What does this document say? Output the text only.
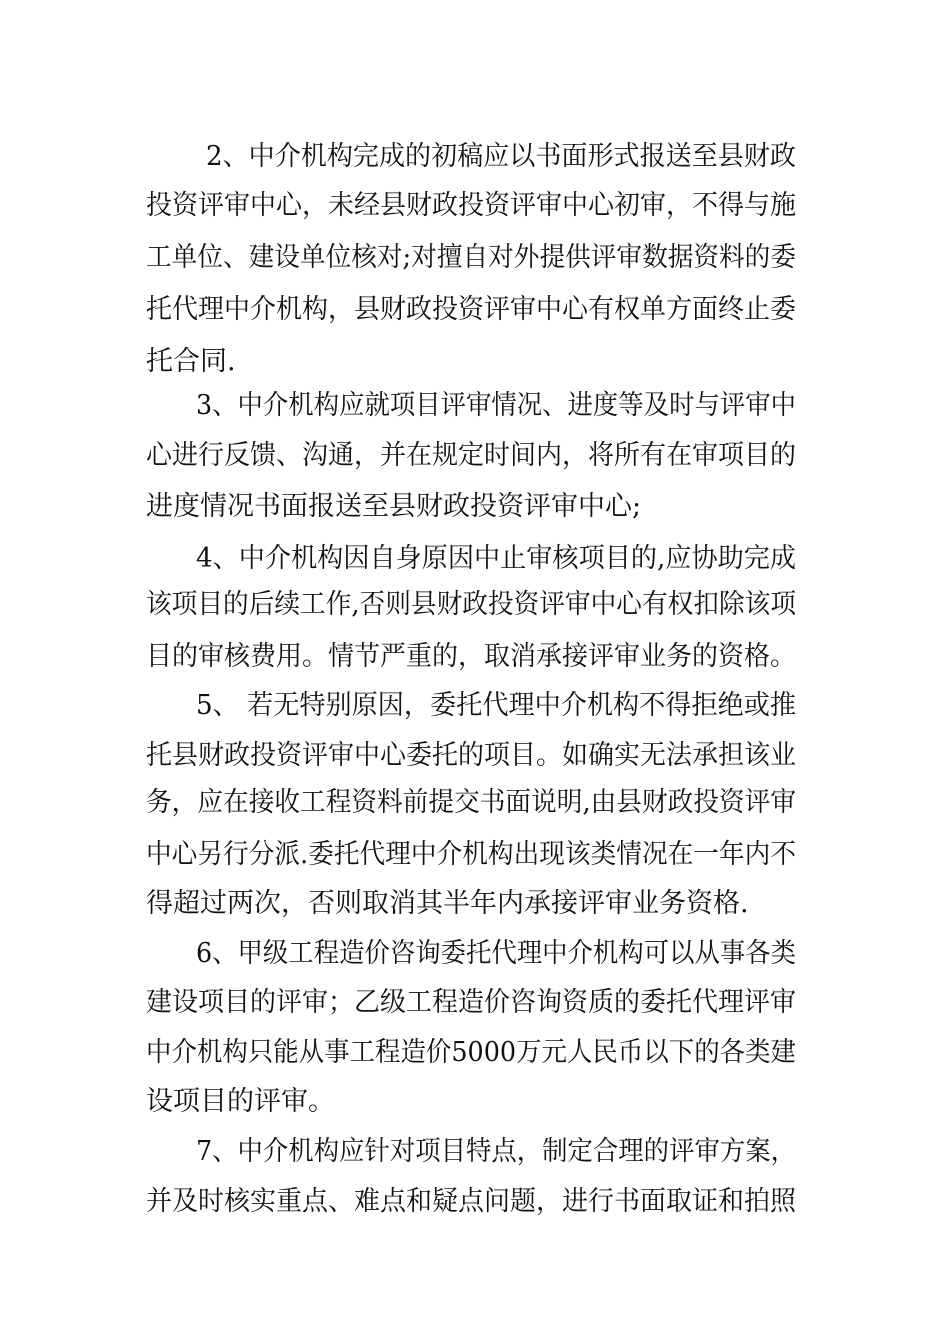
2、中介机构完成的初稿应以书面形式报送至县财政
投资评审中心，未经县财政投资评审中心初审，不得与施
工单位、建设单位核对;对擅自对外提供评审数据资料的委
托代理中介机构，县财政投资评审中心有权单方面终止委
托合同.
3、中介机构应就项目评审情况、进度等及时与评审中
心进行反馈、沟通，并在规定时间内，将所有在审项目的
进度情况书面报送至县财政投资评审中心;
4、中介机构因自身原因中止审核项目的,应协助完成
该项目的后续工作,否则县财政投资评审中心有权扣除该项
目的审核费用。情节严重的，取消承接评审业务的资格。
5、 若无特别原因，委托代理中介机构不得拒绝或推
托县财政投资评审中心委托的项目。如确实无法承担该业
务，应在接收工程资料前提交书面说明,由县财政投资评审
中心另行分派.委托代理中介机构出现该类情况在一年内不
得超过两次，否则取消其半年内承接评审业务资格.
6、甲级工程造价咨询委托代理中介机构可以从事各类
建设项目的评审；乙级工程造价咨询资质的委托代理评审
中介机构只能从事工程造价5000万元人民币以下的各类建
设项目的评审。
7、中介机构应针对项目特点，制定合理的评审方案，
并及时核实重点、难点和疑点问题，进行书面取证和拍照
